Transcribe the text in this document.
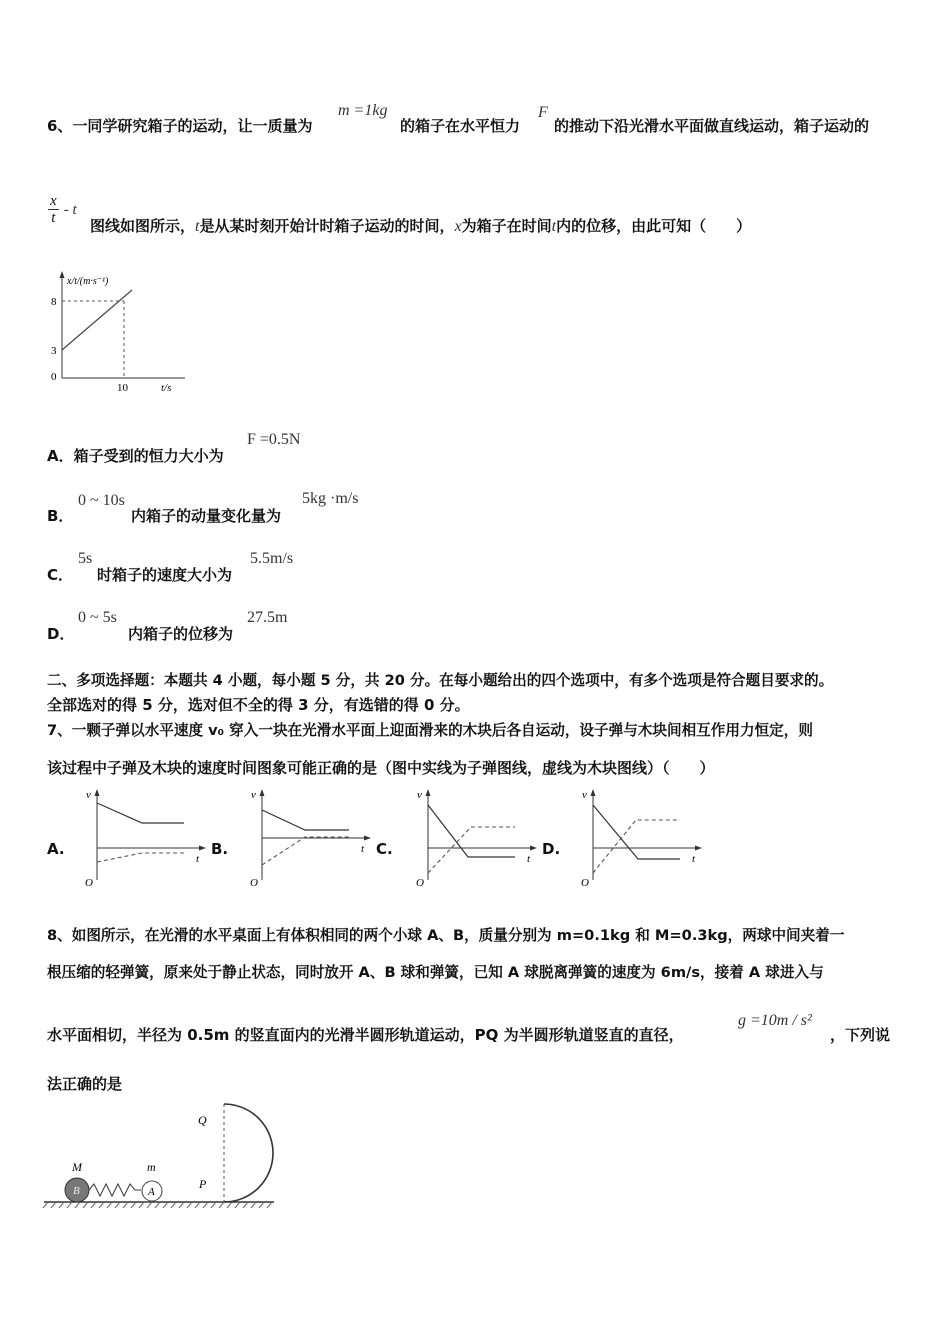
6、一同学研究箱子的运动，让一质量为
m =1kg
的箱子在水平恒力
F
的推动下沿光滑水平面做直线运动，箱子运动的
$\frac{x}{t}$ - t
图线如图所示，t是从某时刻开始计时箱子运动的时间，x为箱子在时间t内的位移，由此可知（　　）
x/t/(m·s⁻¹)
8
3
0
10	t/s
A．箱子受到的恒力大小为
F =0.5N
B．
0 ~ 10s
内箱子的动量变化量为
5kg ·m/s
C．
5s
时箱子的速度大小为
5.5m/s
D．
0 ~ 5s
内箱子的位移为
27.5m
二、多项选择题：本题共 4 小题，每小题 5 分，共 20 分。在每小题给出的四个选项中，有多个选项是符合题目要求的。
全部选对的得 5 分，选对但不全的得 3 分，有选错的得 0 分。
7、一颗子弹以水平速度 v₀ 穿入一块在光滑水平面上迎面滑来的木块后各自运动，设子弹与木块间相互作用力恒定，则
该过程中子弹及木块的速度时间图象可能正确的是（图中实线为子弹图线，虚线为木块图线）（　　）
A.
v
t
O
B.
v
t
O
C.
v
t
O
D.
v
t
O
8、如图所示，在光滑的水平桌面上有体积相同的两个小球 A、B，质量分别为 m=0.1kg 和 M=0.3kg，两球中间夹着一
根压缩的轻弹簧，原来处于静止状态，同时放开 A、B 球和弹簧，已知 A 球脱离弹簧的速度为 6m/s，接着 A 球进入与
水平面相切，半径为 0.5m 的竖直面内的光滑半圆形轨道运动，PQ 为半圆形轨道竖直的直径，
g =10m / s²
，下列说
法正确的是
B	A
M	m
Q
P
